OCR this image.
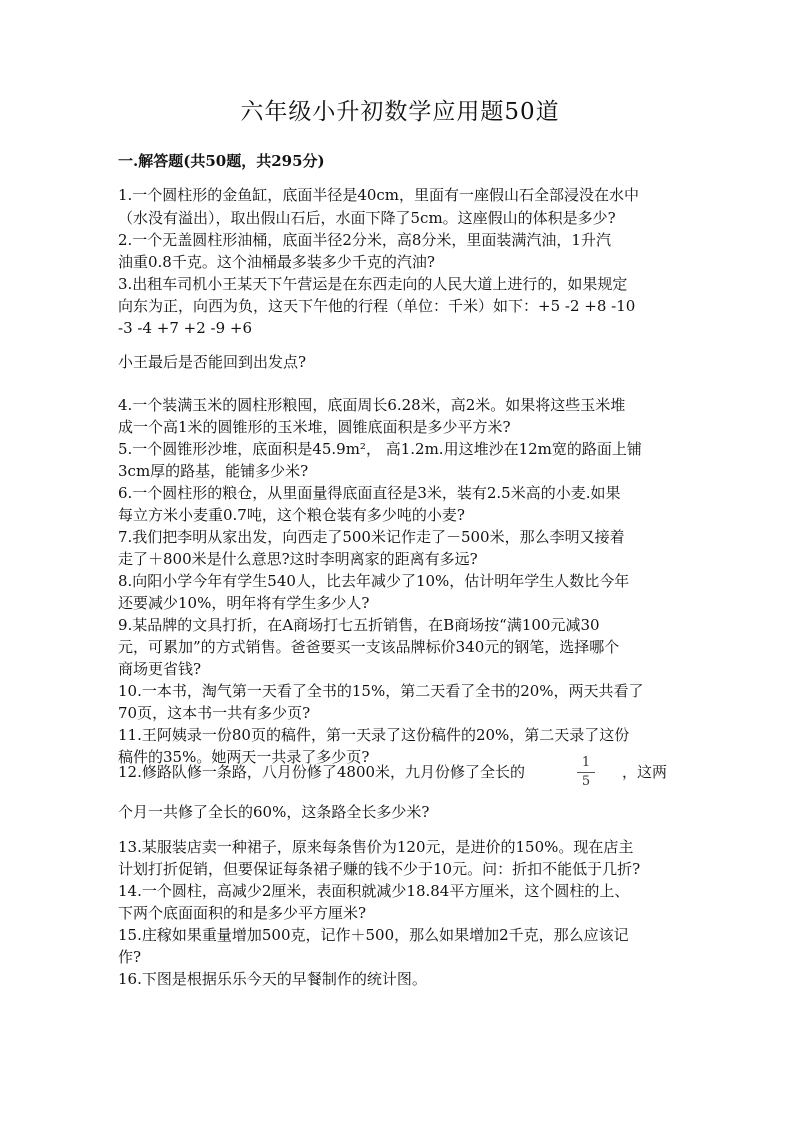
六年级小升初数学应用题50道
一.解答题(共50题，共295分)
1.一个圆柱形的金鱼缸，底面半径是40cm，里面有一座假山石全部浸没在水中
（水没有溢出），取出假山石后，水面下降了5cm。这座假山的体积是多少?
2.一个无盖圆柱形油桶，底面半径2分米，高8分米，里面装满汽油，1升汽
油重0.8千克。这个油桶最多装多少千克的汽油?
3.出租车司机小王某天下午营运是在东西走向的人民大道上进行的，如果规定
向东为正，向西为负，这天下午他的行程（单位：千米）如下：+5 -2 +8 -10
-3 -4 +7 +2 -9 +6
小王最后是否能回到出发点?
4.一个装满玉米的圆柱形粮囤，底面周长6.28米，高2米。如果将这些玉米堆
成一个高1米的圆锥形的玉米堆，圆锥底面积是多少平方米?
5.一个圆锥形沙堆，底面积是45.9m²， 高1.2m.用这堆沙在12m宽的路面上铺
3cm厚的路基，能铺多少米?
6.一个圆柱形的粮仓，从里面量得底面直径是3米，装有2.5米高的小麦.如果
每立方米小麦重0.7吨，这个粮仓装有多少吨的小麦?
7.我们把李明从家出发，向西走了500米记作走了－500米，那么李明又接着
走了＋800米是什么意思?这时李明离家的距离有多远?
8.向阳小学今年有学生540人，比去年减少了10%，估计明年学生人数比今年
还要减少10%，明年将有学生多少人?
9.某品牌的文具打折，在A商场打七五折销售，在B商场按“满100元减30
元，可累加”的方式销售。爸爸要买一支该品牌标价340元的钢笔，选择哪个
商场更省钱?
10.一本书，淘气第一天看了全书的15%，第二天看了全书的20%，两天共看了
70页，这本书一共有多少页?
11.王阿姨录一份80页的稿件，第一天录了这份稿件的20%，第二天录了这份
稿件的35%。她两天一共录了多少页?
12.修路队修一条路，八月份修了4800米，九月份修了全长的
1
5
，这两
个月一共修了全长的60%，这条路全长多少米?
13.某服装店卖一种裙子，原来每条售价为120元，是进价的150%。现在店主
计划打折促销，但要保证每条裙子赚的钱不少于10元。问：折扣不能低于几折?
14.一个圆柱，高减少2厘米，表面积就减少18.84平方厘米，这个圆柱的上、
下两个底面面积的和是多少平方厘米?
15.庄稼如果重量增加500克，记作＋500，那么如果增加2千克，那么应该记
作?
16.下图是根据乐乐今天的早餐制作的统计图。
